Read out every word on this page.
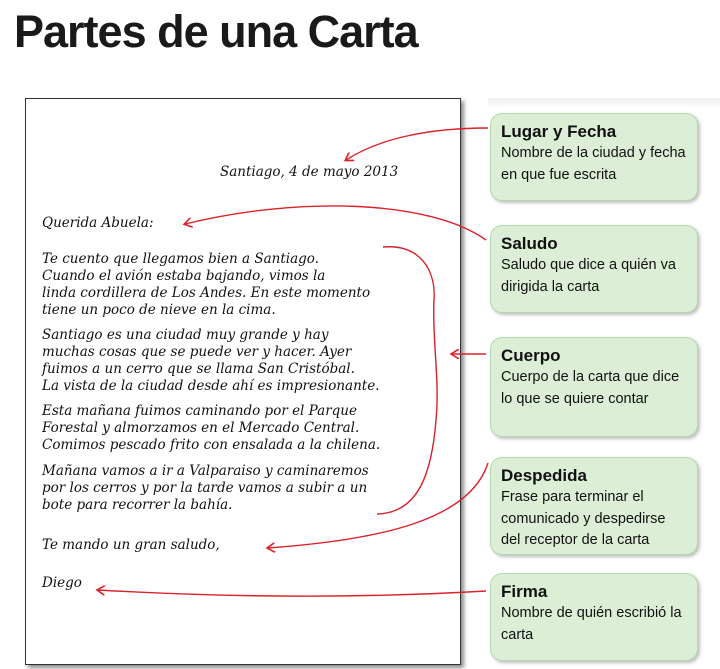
Partes de una Carta
Santiago, 4 de mayo 2013
Querida Abuela:
Te cuento que llegamos bien a Santiago.
Cuando el avión estaba bajando, vimos la
linda cordillera de Los Andes. En este momento
tiene un poco de nieve en la cima.
Santiago es una ciudad muy grande y hay
muchas cosas que se puede ver y hacer. Ayer
fuimos a un cerro que se llama San Cristóbal.
La vista de la ciudad desde ahí es impresionante.
Esta mañana fuimos caminando por el Parque
Forestal y almorzamos en el Mercado Central.
Comimos pescado frito con ensalada a la chilena.
Mañana vamos a ir a Valparaiso y caminaremos
por los cerros y por la tarde vamos a subir a un
bote para recorrer la bahía.
Te mando un gran saludo,
Diego
Lugar y Fecha
Nombre de la ciudad y fecha en que fue escrita
Saludo
Saludo que dice a quién va dirigida la carta
Cuerpo
Cuerpo de la carta que dice lo que se quiere contar
Despedida
Frase para terminar el comunicado y despedirse del receptor de la carta
Firma
Nombre de quién escribió la carta
